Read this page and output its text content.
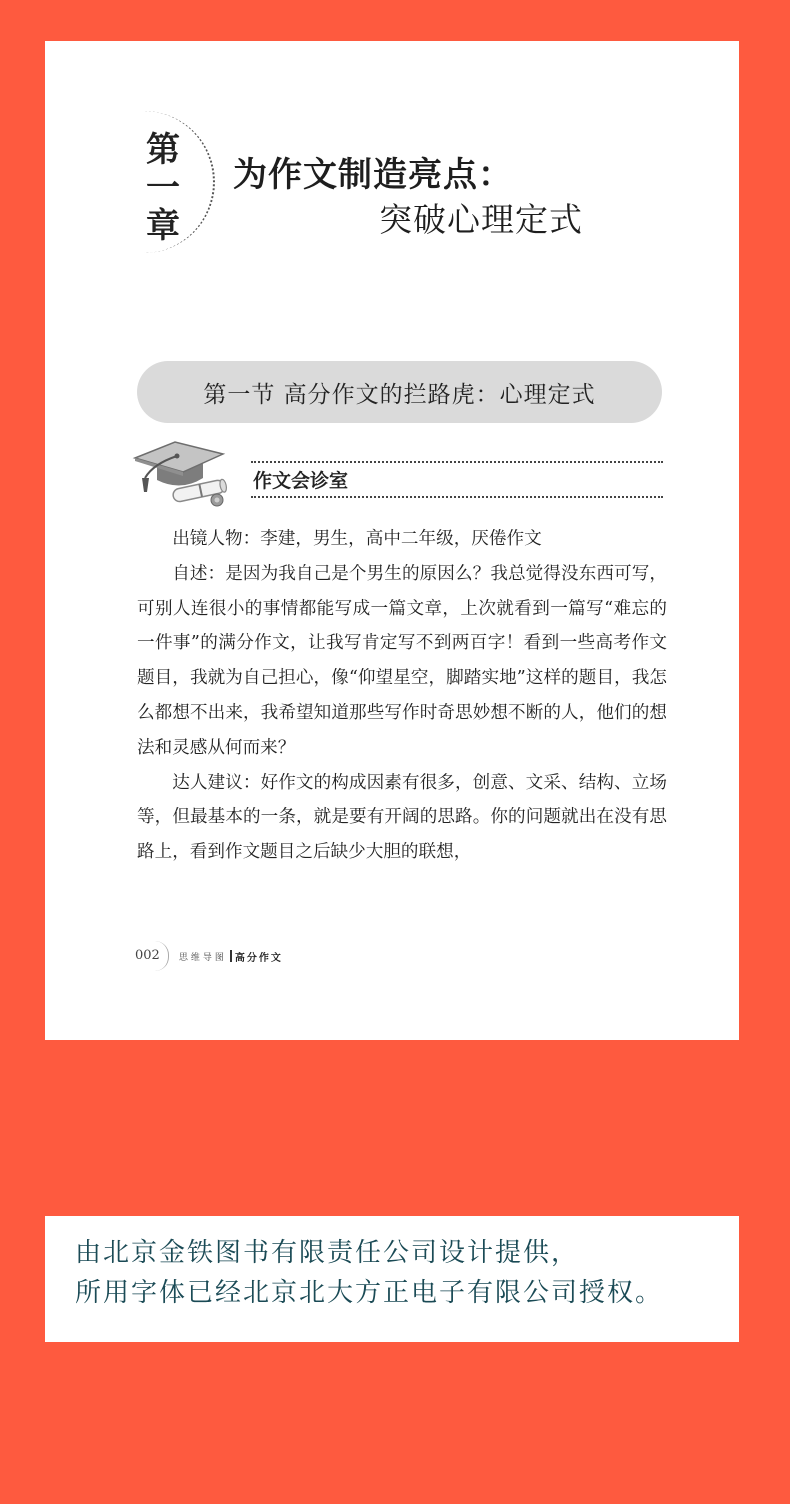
第
一
章
为作文制造亮点：
突破心理定式
第一节 高分作文的拦路虎：心理定式
作文会诊室

出镜人物：李建，男生，高中二年级，厌倦作文

自述：是因为我自己是个男生的原因么？我总觉得没东西可写，可别人连很小的事情都能写成一篇文章，上次就看到一篇写“难忘的一件事”的满分作文，让我写肯定写不到两百字！看到一些高考作文题目，我就为自己担心，像“仰望星空，脚踏实地”这样的题目，我怎么都想不出来，我希望知道那些写作时奇思妙想不断的人，他们的想法和灵感从何而来？

达人建议：好作文的构成因素有很多，创意、文采、结构、立场等，但最基本的一条，就是要有开阔的思路。你的问题就出在没有思路上，看到作文题目之后缺少大胆的联想，

002	思维导图 高分作文
由北京金铁图书有限责任公司设计提供，
所用字体已经北京北大方正电子有限公司授权。
